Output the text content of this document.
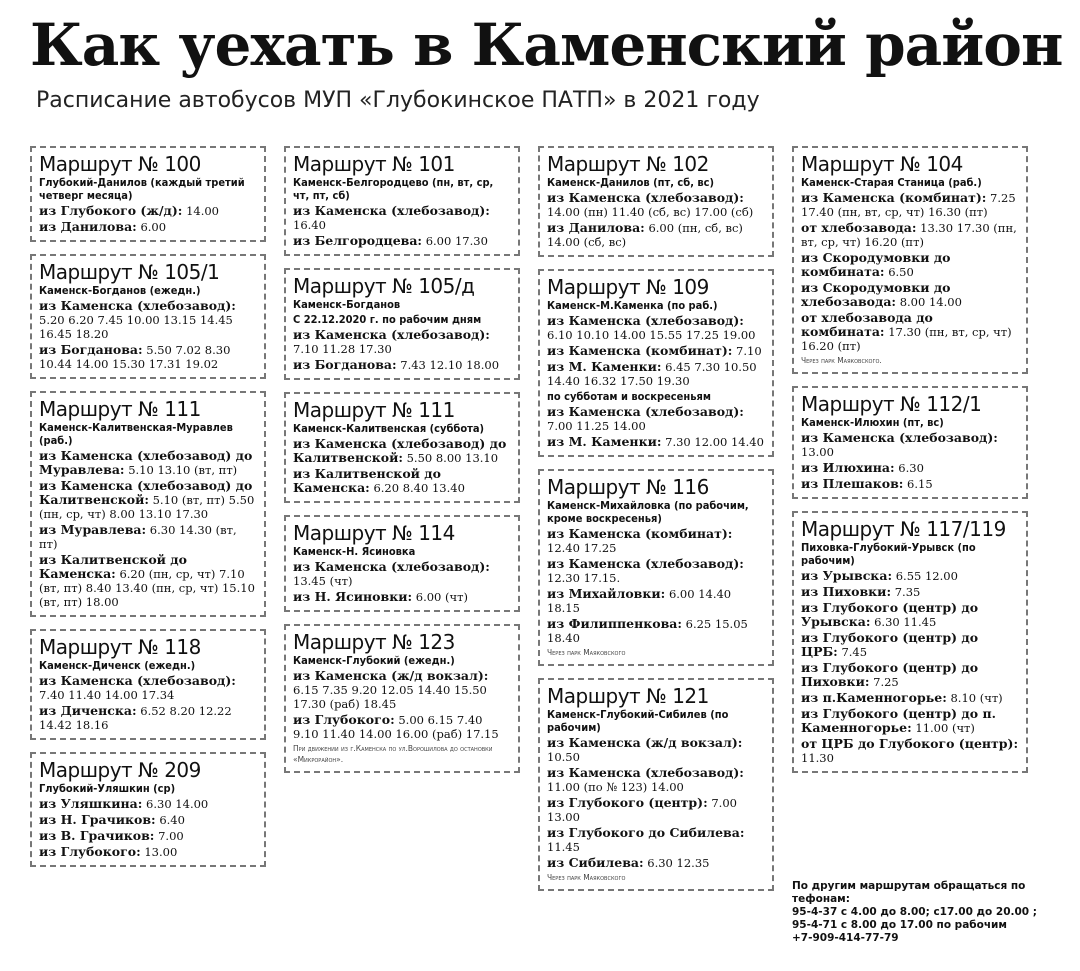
Как уехать в Каменский район
Расписание автобусов МУП «Глубокинское ПАТП» в 2021 году
Маршрут № 100
Глубокий-Данилов (каждый третий четверг месяца)
из Глубокого (ж/д): 14.00
из Данилова: 6.00
Маршрут № 105/1
Каменск-Богданов (ежедн.)
из Каменска (хлебозавод): 5.20 6.20 7.45 10.00 13.15 14.45 16.45 18.20
из Богданова: 5.50 7.02 8.30 10.44 14.00 15.30 17.31 19.02
Маршрут № 111
Каменск-Калитвенская-Муравлев (раб.)
из Каменска (хлебозавод) до Муравлева: 5.10 13.10 (вт, пт)
из Каменска (хлебозавод) до Калитвенской: 5.10 (вт, пт) 5.50 (пн, ср, чт) 8.00 13.10 17.30
из Муравлева: 6.30 14.30 (вт, пт)
из Калитвенской до Каменска: 6.20 (пн, ср, чт) 7.10 (вт, пт) 8.40 13.40 (пн, ср, чт) 15.10 (вт, пт) 18.00
Маршрут № 118
Каменск-Диченск (ежедн.)
из Каменска (хлебозавод): 7.40 11.40 14.00 17.34
из Диченска: 6.52 8.20 12.22 14.42 18.16
Маршрут № 209
Глубокий-Уляшкин (ср)
из Уляшкина: 6.30 14.00
из Н. Грачиков: 6.40
из В. Грачиков: 7.00
из Глубокого: 13.00
Маршрут № 101
Каменск-Белгородцево (пн, вт, ср, чт, пт, сб)
из Каменска (хлебозавод): 16.40
из Белгородцева: 6.00 17.30
Маршрут № 105/д
Каменск-Богданов
С 22.12.2020 г. по рабочим дням
из Каменска (хлебозавод): 7.10 11.28 17.30
из Богданова: 7.43 12.10 18.00
Маршрут № 111
Каменск-Калитвенская (суббота)
из Каменска (хлебозавод) до Калитвенской: 5.50 8.00 13.10
из Калитвенской до Каменска: 6.20 8.40 13.40
Маршрут № 114
Каменск-Н. Ясиновка
из Каменска (хлебозавод): 13.45 (чт)
из Н. Ясиновки: 6.00 (чт)
Маршрут № 123
Каменск-Глубокий (ежедн.)
из Каменска (ж/д вокзал): 6.15 7.35 9.20 12.05 14.40 15.50 17.30 (раб) 18.45
из Глубокого: 5.00 6.15 7.40 9.10 11.40 14.00 16.00 (раб) 17.15
При движении из г.Каменска по ул.Ворошилова до остановки «Микрорайон».
Маршрут № 102
Каменск-Данилов (пт, сб, вс)
из Каменска (хлебозавод): 14.00 (пн) 11.40 (сб, вс) 17.00 (сб)
из Данилова: 6.00 (пн, сб, вс) 14.00 (сб, вс)
Маршрут № 109
Каменск-М.Каменка (по раб.)
из Каменска (хлебозавод): 6.10 10.10 14.00 15.55 17.25 19.00
из Каменска (комбинат): 7.10
из М. Каменки: 6.45 7.30 10.50 14.40 16.32 17.50 19.30
по субботам и воскресеньям
из Каменска (хлебозавод): 7.00 11.25 14.00
из М. Каменки: 7.30 12.00 14.40
Маршрут № 116
Каменск-Михайловка (по рабочим, кроме воскресенья)
из Каменска (комбинат): 12.40 17.25
из Каменска (хлебозавод): 12.30 17.15.
из Михайловки: 6.00 14.40 18.15
из Филиппенкова: 6.25 15.05 18.40
Через парк Маяковского
Маршрут № 121
Каменск-Глубокий-Сибилев (по рабочим)
из Каменска (ж/д вокзал): 10.50
из Каменска (хлебозавод): 11.00 (по № 123) 14.00
из Глубокого (центр): 7.00 13.00
из Глубокого до Сибилева: 11.45
из Сибилева: 6.30 12.35
Через парк Маяковского
Маршрут № 104
Каменск-Старая Станица (раб.)
из Каменска (комбинат): 7.25 17.40 (пн, вт, ср, чт) 16.30 (пт)
от хлебозавода: 13.30 17.30 (пн, вт, ср, чт) 16.20 (пт)
из Скородумовки до комбината: 6.50
из Скородумовки до хлебозавода: 8.00 14.00
от хлебозавода до комбината: 17.30 (пн, вт, ср, чт) 16.20 (пт)
Через парк Маяковского.
Маршрут № 112/1
Каменск-Илюхин (пт, вс)
из Каменска (хлебозавод): 13.00
из Илюхина: 6.30
из Плешаков: 6.15
Маршрут № 117/119
Пиховка-Глубокий-Урывск (по рабочим)
из Урывска: 6.55 12.00
из Пиховки: 7.35
из Глубокого (центр) до Урывска: 6.30 11.45
из Глубокого (центр) до ЦРБ: 7.45
из Глубокого (центр) до Пиховки: 7.25
из п.Каменногорье: 8.10 (чт)
из Глубокого (центр) до п. Каменногорье: 11.00 (чт)
от ЦРБ до Глубокого (центр): 11.30
По другим маршрутам обращаться по тефонам:
95-4-37 с 4.00 до 8.00; с17.00 до 20.00 ;
95-4-71 с 8.00 до 17.00 по рабочим
+7-909-414-77-79
